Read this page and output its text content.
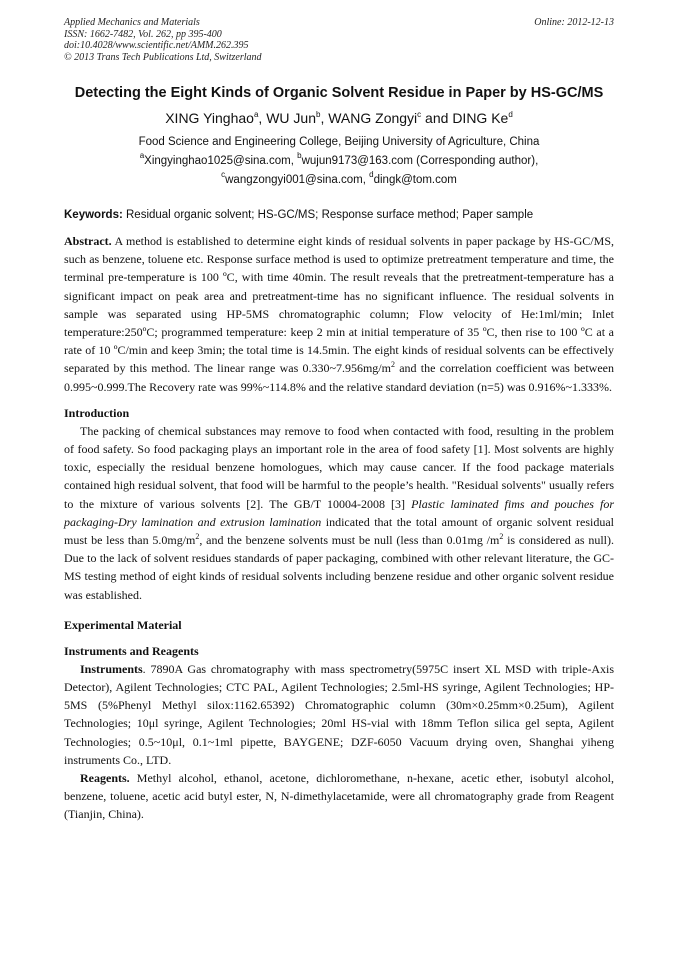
Applied Mechanics and Materials
ISSN: 1662-7482, Vol. 262, pp 395-400
doi:10.4028/www.scientific.net/AMM.262.395
© 2013 Trans Tech Publications Ltd, Switzerland
Online: 2012-12-13
Detecting the Eight Kinds of Organic Solvent Residue in Paper by HS-GC/MS
XING Yinghao$^a$, WU Jun$^b$, WANG Zongyi$^c$ and DING Ke$^d$
Food Science and Engineering College, Beijing University of Agriculture, China
$^a$Xingyinghao1025@sina.com, $^b$wujun9173@163.com (Corresponding author),
$^c$wangzongyi001@sina.com, $^d$dingk@tom.com
Keywords: Residual organic solvent; HS-GC/MS; Response surface method; Paper sample
Abstract. A method is established to determine eight kinds of residual solvents in paper package by HS-GC/MS, such as benzene, toluene etc. Response surface method is used to optimize pretreatment temperature and time, the terminal pre-temperature is 100 ºC, with time 40min. The result reveals that the pretreatment-temperature has a significant impact on peak area and pretreatment-time has no significant influence. The residual solvents in sample was separated using HP-5MS chromatographic column; Flow velocity of He:1ml/min; Inlet temperature:250ºC; programmed temperature: keep 2 min at initial temperature of 35 ºC, then rise to 100 ºC at a rate of 10 ºC/min and keep 3min; the total time is 14.5min. The eight kinds of residual solvents can be effectively separated by this method. The linear range was $0.330\sim 7.956mg/m^2$ and the correlation coefficient was between 0.995~0.999.The Recovery rate was 99%~114.8% and the relative standard deviation (n=5) was 0.916%~1.333%.
Introduction
The packing of chemical substances may remove to food when contacted with food, resulting in the problem of food safety. So food packaging plays an important role in the area of food safety [1]. Most solvents are highly toxic, especially the residual benzene homologues, which may cause cancer. If the food package materials contained high residual solvent, that food will be harmful to the people’s health. "Residual solvents" usually refers to the mixture of various solvents [2]. The GB/T 10004-2008 [3] Plastic laminated fims and pouches for packaging-Dry lamination and extrusion lamination indicated that the total amount of organic solvent residual must be less than $5.0mg/m^2$, and the benzene solvents must be null (less than 0.01mg $/m^2$ is considered as null). Due to the lack of solvent residues standards of paper packaging, combined with other relevant literature, the GC-MS testing method of eight kinds of residual solvents including benzene residue and other organic solvent residue was established.
Experimental Material
Instruments and Reagents
Instruments. 7890A Gas chromatography with mass spectrometry(5975C insert XL MSD with triple-Axis Detector), Agilent Technologies; CTC PAL, Agilent Technologies; 2.5ml-HS syringe, Agilent Technologies; HP-5MS (5%Phenyl Methyl silox:1162.65392) Chromatographic column (30m×0.25mm×0.25um), Agilent Technologies; 10μl syringe, Agilent Technologies; 20ml HS-vial with 18mm Teflon silica gel septa, Agilent Technologies; 0.5~10μl, 0.1~1ml pipette, BAYGENE; DZF-6050 Vacuum drying oven, Shanghai yiheng instruments Co., LTD.
Reagents. Methyl alcohol, ethanol, acetone, dichloromethane, n-hexane, acetic ether, isobutyl alcohol, benzene, toluene, acetic acid butyl ester, N, N-dimethylacetamide, were all chromatography grade from Reagent (Tianjin, China).
